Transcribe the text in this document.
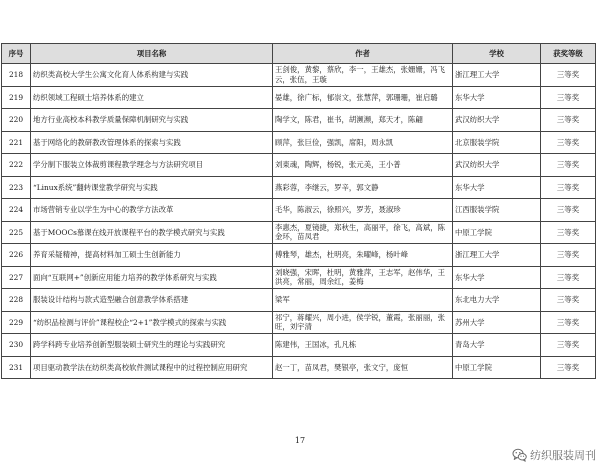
序号	项目名称	作者	学校	获奖等级
218	纺织类高校大学生公寓文化育人体系构建与实践	王剑俊，黄黎，蔡欣，李一，王雄杰，张姗姗，冯飞云，张伍，王璇	浙江理工大学	三等奖
219	纺织领域工程硕士培养体系的建立	晏雄，徐广标，郁崇文，张慧萍，郭珊珊，崔启璐	东华大学	三等奖
220	地方行业高校本科教学质量保障机制研究与实践	陶学文，陈君，崔书，胡濒濒，郑天才，陈翩	武汉纺织大学	三等奖
221	基于网络化的教研教改管理体系的探索与实践	顾萍，张巨俭，强凯，席阳，周永凯	北京服装学院	三等奖
222	学分制下服装立体裁剪课程教学理念与方法研究项目	刘東魂，陶辉，杨锐，张元美，王小普	武汉纺织大学	三等奖
223	“Linux系统”翻转课堂教学研究与实践	燕彩蓉，李继云，罗辛，郭文静	东华大学	三等奖
224	市场营销专业以学生为中心的教学方法改革	毛华，陈淑云，徐照兴，罗芳，聂淑珍	江西服装学院	三等奖
225	基于MOOCs慕课在线开放课程平台的教学模式研究与实践	李惠杰，夏镜捷，郑秋生，高丽平，徐飞，高斌，陈金环，苗凤君	中原工学院	三等奖
226	养育采疑精神，提高材料加工硕士生创新能力	傅雅琴，雄杰，杜明亮，朱曜峰，杨叶峰	浙江理工大学	三等奖
227	面向“互联网+”创新应用能力培养的教学体系研究与实践	刘晓强，宋晖，杜明，黄雅萍，王志军，赵伟华，王洪亮，常丽，周余红，姜梅	东华大学	三等奖
228	服装设计结构与款式造型融合创意教学体系搭建	梁军	东北电力大学	三等奖
229	“纺织品检测与评价”课程校企“2+1”教学模式的探索与实践	祁宁，蒋耀兴，周小进，侯学锐，董霞，张丽丽，张旺，刘宇清	苏州大学	三等奖
230	跨学科跨专业培养创新型服装硕士研究生的理论与实践研究	陈建伟，王国冰，孔凡栋	青岛大学	三等奖
231	项目驱动教学法在纺织类高校软件测试课程中的过程控制应用研究	赵一丁，苗凤君，樊银亭，张文宁，庞恒	中原工学院	三等奖
17
纺织服装周刊
